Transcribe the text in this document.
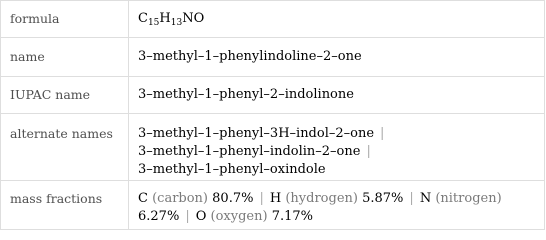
formula	$C_{15}H_{13}NO$
name	3–methyl–1–phenylindoline–2–one
IUPAC name	3–methyl–1–phenyl–2–indolinone
alternate names	3–methyl–1–phenyl–3H–indol–2–one |
3–methyl–1–phenyl–indolin–2–one |
3–methyl–1–phenyl–oxindole

mass fractions	C (carbon) 80.7% | H (hydrogen) 5.87% | N (nitrogen)
6.27% | O (oxygen) 7.17%
